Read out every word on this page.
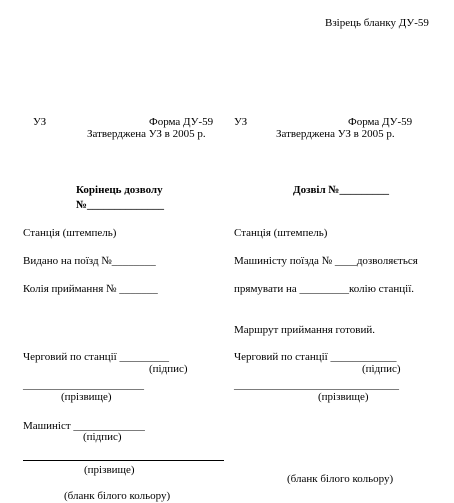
Взірець бланку ДУ-59
УЗ	Форма ДУ-59
Затверджена УЗ в 2005 р.
Корінець дозволу
№______________
Станція (штемпель)
Видано на поїзд №________
Колія приймання № _______
Черговий по станції _________
(підпис)
______________________
(прізвище)
Машиніст _____________
(підпис)
(прізвище)
(бланк білого кольору)
УЗ	Форма ДУ-59
Затверджена УЗ в 2005 р.
Дозвіл №_________
Станція (штемпель)
Машиністу поїзда № ____дозволяється
прямувати на _________колію станції.
Маршрут приймання готовий.
Черговий по станції ____________
(підпис)
______________________________
(прізвище)
(бланк білого кольору)
